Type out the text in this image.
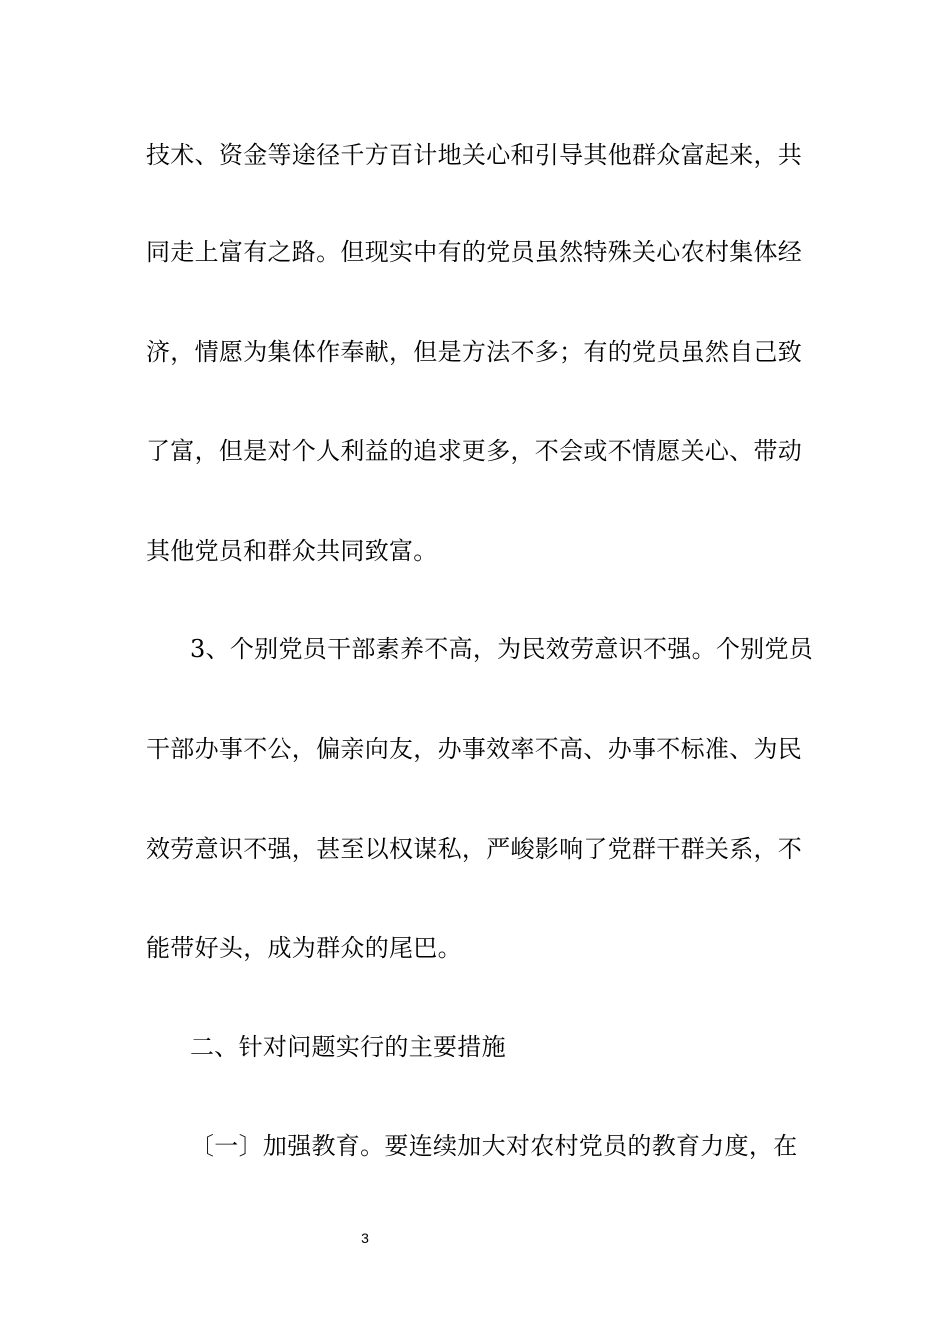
技术、资金等途径千方百计地关心和引导其他群众富起来，共
同走上富有之路。但现实中有的党员虽然特殊关心农村集体经
济，情愿为集体作奉献，但是方法不多；有的党员虽然自己致
了富，但是对个人利益的追求更多，不会或不情愿关心、带动
其他党员和群众共同致富。
3、个别党员干部素养不高，为民效劳意识不强。个别党员
干部办事不公，偏亲向友，办事效率不高、办事不标准、为民
效劳意识不强，甚至以权谋私，严峻影响了党群干群关系，不
能带好头，成为群众的尾巴。
二、针对问题实行的主要措施
〔一〕加强教育。要连续加大对农村党员的教育力度，在
3
